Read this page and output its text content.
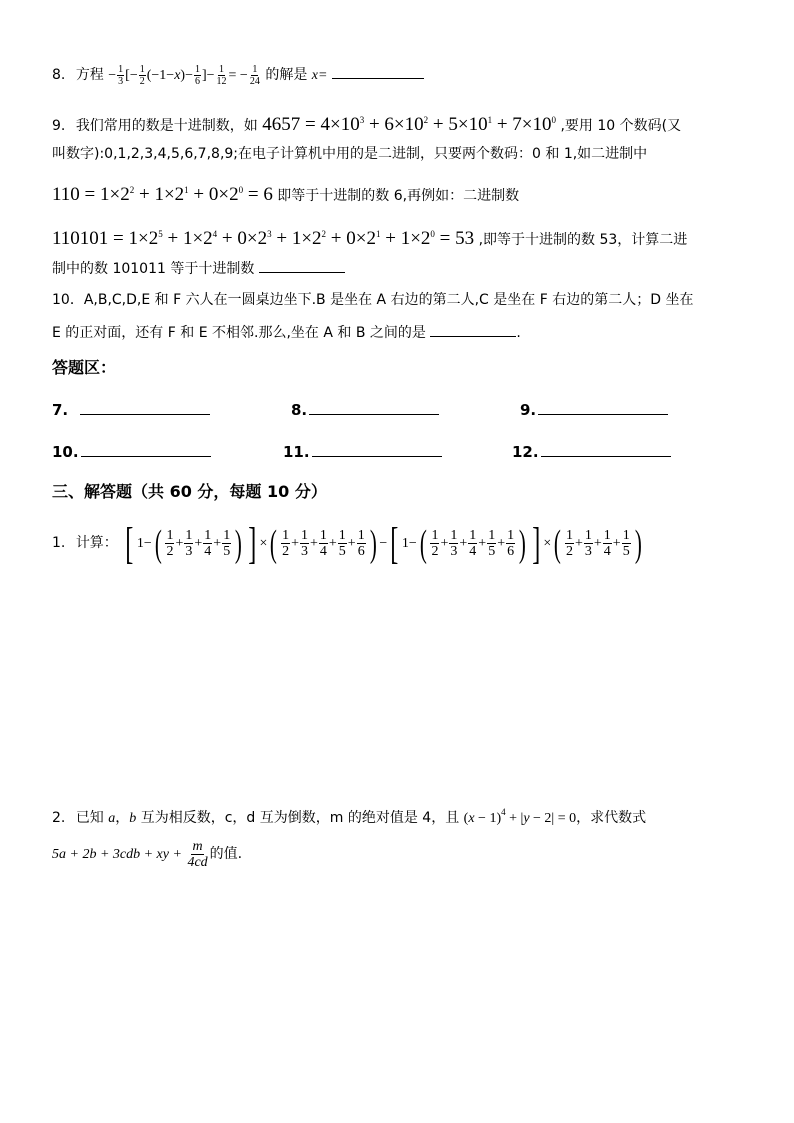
8. 方程 − $\frac{1}{3}$ [− $\frac{1}{2} (-1-x)- \frac{1}{6}$ ]− $\frac{1}{12}$ = − $\frac{1}{24}$ 的解是 x=
9. 我们常用的数是十进制数，如 $4657 = 4\times 10^3 + 6\times 10^2 + 5\times 10^1 + 7\times 10^0$ ,要用 10 个数码(又
叫数字):0,1,2,3,4,5,6,7,8,9;在电子计算机中用的是二进制，只要两个数码：0 和 1,如二进制中
$110 = 1\times 2^2 + 1\times 2^1 + 0\times 2^0 = 6$ 即等于十进制的数 6,再例如：二进制数
$110101 = 1\times 2^5 + 1\times 2^4 + 0\times 2^3 + 1\times 2^2 + 0\times 2^1 + 1\times 2^0 = 53$ ,即等于十进制的数 53，计算二进
制中的数 101011 等于十进制数
10．A,B,C,D,E 和 F 六人在一圆桌边坐下.B 是坐在 A 右边的第二人,C 是坐在 F 右边的第二人；D 坐在
E 的正对面，还有 F 和 E 不相邻.那么,坐在 A 和 B 之间的是	.
答题区：
7.	8.	9.
10.	11.	12.
三、解答题（共 60 分，每题 10 分）
1. 计算： [ $1-( \frac{1}{2} + \frac{1}{3} + \frac{1}{4} + \frac{1}{5}$ ) ] ×( $\frac{1}{2} + \frac{1}{3} + \frac{1}{4} + \frac{1}{5} + \frac{1}{6}$ ) −[ $1-( \frac{1}{2} + \frac{1}{3} + \frac{1}{4} + \frac{1}{5} + \frac{1}{6}$ ) ] ×( $\frac{1}{2} + \frac{1}{3} + \frac{1}{4} + \frac{1}{5}$ )
2. 已知 a，b 互为相反数，c，d 互为倒数，m 的绝对值是 4，且 $(x - 1)^4 + |y - 2| = 0$，求代数式
5a + 2b + 3cdb + xy + $\frac{m}{4cd}$ 的值.
